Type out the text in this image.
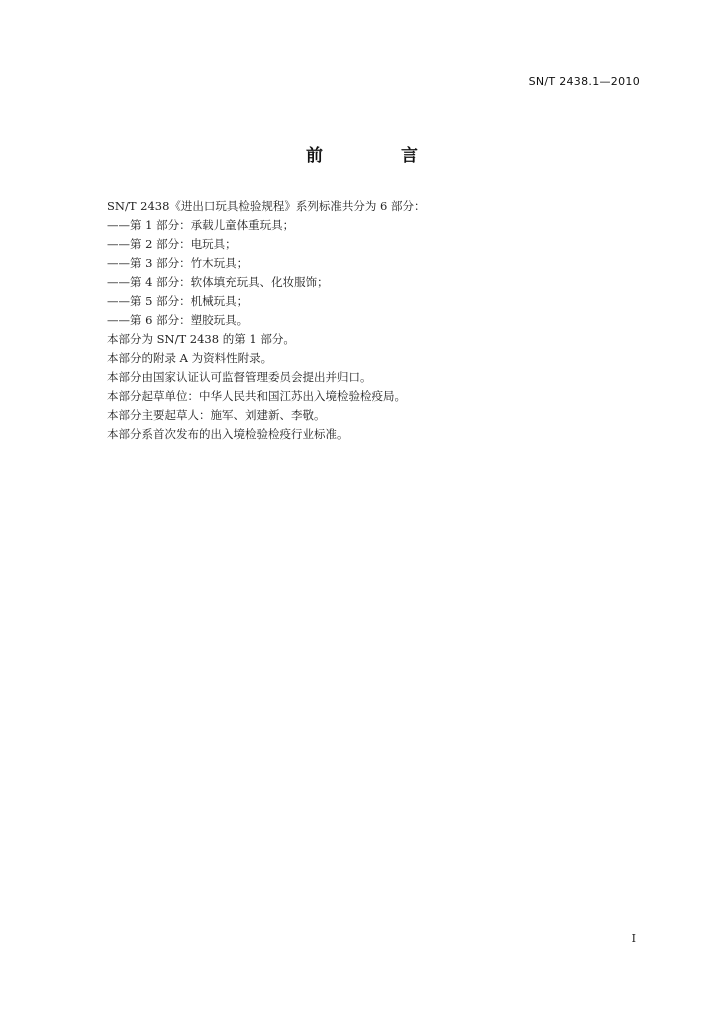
SN/T 2438.1—2010
前 言
SN/T 2438《进出口玩具检验规程》系列标准共分为 6 部分：
——第 1 部分：承载儿童体重玩具；
——第 2 部分：电玩具；
——第 3 部分：竹木玩具；
——第 4 部分：软体填充玩具、化妆服饰；
——第 5 部分：机械玩具；
——第 6 部分：塑胶玩具。
本部分为 SN/T 2438 的第 1 部分。
本部分的附录 A 为资料性附录。
本部分由国家认证认可监督管理委员会提出并归口。
本部分起草单位：中华人民共和国江苏出入境检验检疫局。
本部分主要起草人：施军、刘建新、李敬。
本部分系首次发布的出入境检验检疫行业标准。
I
